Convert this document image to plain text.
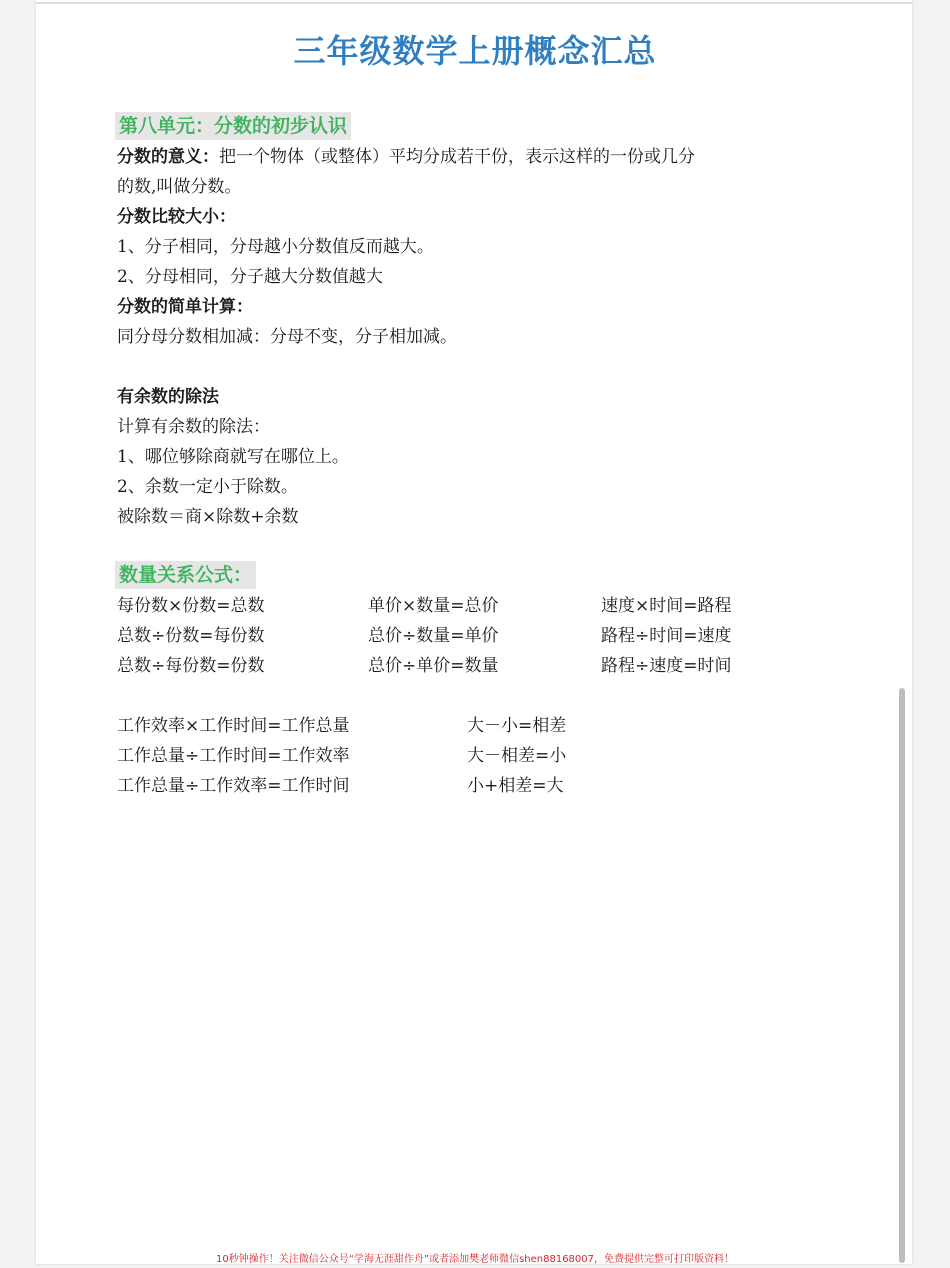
三年级数学上册概念汇总
第八单元：分数的初步认识
分数的意义：把一个物体（或整体）平均分成若干份，表示这样的一份或几分
的数,叫做分数。
分数比较大小：
1、分子相同，分母越小分数值反而越大。
2、分母相同，分子越大分数值越大
分数的简单计算：
同分母分数相加减：分母不变，分子相加减。
有余数的除法
计算有余数的除法：
1、哪位够除商就写在哪位上。
2、余数一定小于除数。
被除数＝商×除数+余数
数量关系公式：
每份数×份数=总数
总数÷份数=每份数
总数÷每份数=份数
单价×数量=总价
总价÷数量=单价
总价÷单价=数量
速度×时间=路程
路程÷时间=速度
路程÷速度=时间
工作效率×工作时间=工作总量
工作总量÷工作时间=工作效率
工作总量÷工作效率=工作时间
大－小=相差
大－相差=小
小+相差=大
10秒钟操作！关注微信公众号“学海无涯甜作舟”或者添加樊老师微信shen88168007，免费提供完整可打印版资料！
